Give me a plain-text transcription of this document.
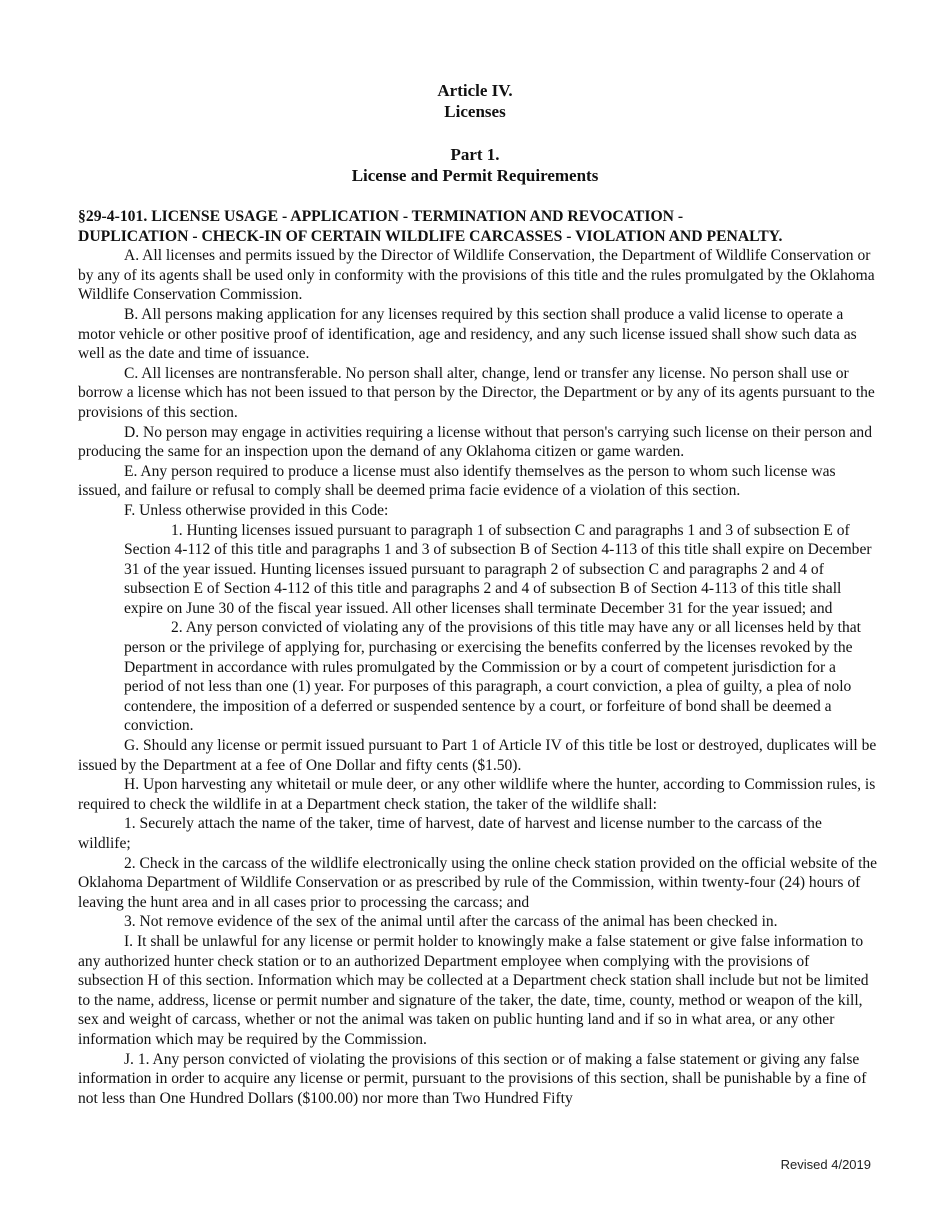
Article IV.
Licenses
Part 1.
License and Permit Requirements

§29-4-101. LICENSE USAGE - APPLICATION - TERMINATION AND REVOCATION -

DUPLICATION - CHECK-IN OF CERTAIN WILDLIFE CARCASSES - VIOLATION AND PENALTY.

A. All licenses and permits issued by the Director of Wildlife Conservation, the Department of Wildlife Conservation or by any of its agents shall be used only in conformity with the provisions of this title and the rules promulgated by the Oklahoma Wildlife Conservation Commission.

B. All persons making application for any licenses required by this section shall produce a valid license to operate a motor vehicle or other positive proof of identification, age and residency, and any such license issued shall show such data as well as the date and time of issuance.

C. All licenses are nontransferable. No person shall alter, change, lend or transfer any license. No person shall use or borrow a license which has not been issued to that person by the Director, the Department or by any of its agents pursuant to the provisions of this section.

D. No person may engage in activities requiring a license without that person's carrying such license on their person and producing the same for an inspection upon the demand of any Oklahoma citizen or game warden.

E. Any person required to produce a license must also identify themselves as the person to whom such license was issued, and failure or refusal to comply shall be deemed prima facie evidence of a violation of this section.

F. Unless otherwise provided in this Code:

1. Hunting licenses issued pursuant to paragraph 1 of subsection C and paragraphs 1 and 3 of subsection E of Section 4-112 of this title and paragraphs 1 and 3 of subsection B of Section 4-113 of this title shall expire on December 31 of the year issued. Hunting licenses issued pursuant to paragraph 2 of subsection C and paragraphs 2 and 4 of subsection E of Section 4-112 of this title and paragraphs 2 and 4 of subsection B of Section 4-113 of this title shall expire on June 30 of the fiscal year issued. All other licenses shall terminate December 31 for the year issued; and

2. Any person convicted of violating any of the provisions of this title may have any or all licenses held by that person or the privilege of applying for, purchasing or exercising the benefits conferred by the licenses revoked by the Department in accordance with rules promulgated by the Commission or by a court of competent jurisdiction for a period of not less than one (1) year. For purposes of this paragraph, a court conviction, a plea of guilty, a plea of nolo contendere, the imposition of a deferred or suspended sentence by a court, or forfeiture of bond shall be deemed a conviction.

G. Should any license or permit issued pursuant to Part 1 of Article IV of this title be lost or destroyed, duplicates will be issued by the Department at a fee of One Dollar and fifty cents ($1.50).

H. Upon harvesting any whitetail or mule deer, or any other wildlife where the hunter, according to Commission rules, is required to check the wildlife in at a Department check station, the taker of the wildlife shall:

1. Securely attach the name of the taker, time of harvest, date of harvest and license number to the carcass of the wildlife;

2. Check in the carcass of the wildlife electronically using the online check station provided on the official website of the Oklahoma Department of Wildlife Conservation or as prescribed by rule of the Commission, within twenty-four (24) hours of leaving the hunt area and in all cases prior to processing the carcass; and

3. Not remove evidence of the sex of the animal until after the carcass of the animal has been checked in.

I. It shall be unlawful for any license or permit holder to knowingly make a false statement or give false information to any authorized hunter check station or to an authorized Department employee when complying with the provisions of subsection H of this section. Information which may be collected at a Department check station shall include but not be limited to the name, address, license or permit number and signature of the taker, the date, time, county, method or weapon of the kill, sex and weight of carcass, whether or not the animal was taken on public hunting land and if so in what area, or any other information which may be required by the Commission.

J. 1. Any person convicted of violating the provisions of this section or of making a false statement or giving any false information in order to acquire any license or permit, pursuant to the provisions of this section, shall be punishable by a fine of not less than One Hundred Dollars ($100.00) nor more than Two Hundred Fifty

Revised 4/2019
